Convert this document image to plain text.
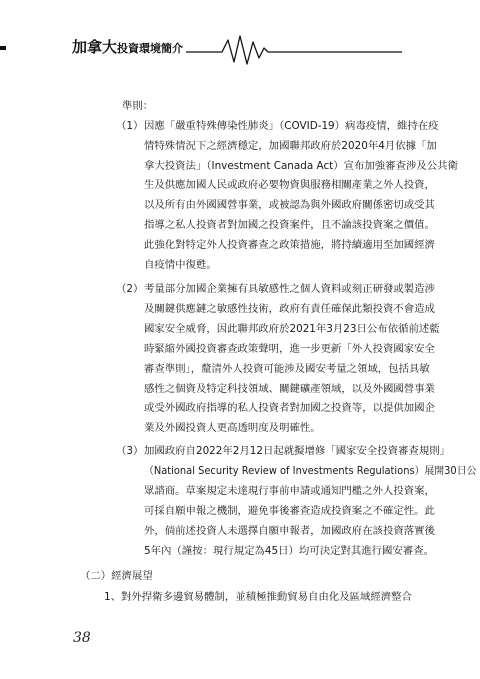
加拿大投資環境簡介
準則：
（1） 因應「嚴重特殊傳染性肺炎」（COVID-19）病毒疫情，維持在疫
情特殊情況下之經濟穩定，加國聯邦政府於2020年4月依據「加
拿大投資法」（Investment Canada Act）宣布加強審查涉及公共衛
生及供應加國人民或政府必要物資與服務相關產業之外人投資，
以及所有由外國國營事業，或被認為與外國政府關係密切或受其
指導之私人投資者對加國之投資案件，且不論該投資案之價值。
此強化對特定外人投資審查之政策措施，將持續適用至加國經濟
自疫情中復甦。
（2） 考量部分加國企業擁有具敏感性之個人資料或刻正研發或製造涉
及關鍵供應鏈之敏感性技術，政府有責任確保此類投資不會造成
國家安全威脅，因此聯邦政府於2021年3月23日公布依循前述藍
時緊縮外國投資審查政策聲明，進一步更新「外人投資國家安全
審查準則」，釐清外人投資可能涉及國安考量之領域，包括具敏
感性之個資及特定科技領域、關鍵礦產領域，以及外國國營事業
或受外國政府指導的私人投資者對加國之投資等，以提供加國企
業及外國投資人更高透明度及明確性。
（3） 加國政府自2022年2月12日起就擬增修「國家安全投資審查規則」
（National Security Review of Investments Regulations）展開30日公
眾諮商。草案規定未達現行事前申請或通知門檻之外人投資案，
可採自願申報之機制，避免事後審查造成投資案之不確定性。此
外，倘前述投資人未選擇自願申報者，加國政府在該投資落實後
5年內（謹按：現行規定為45日）均可決定對其進行國安審查。
（二）經濟展望
1、對外捍衛多邊貿易體制，並積極推動貿易自由化及區域經濟整合
38
